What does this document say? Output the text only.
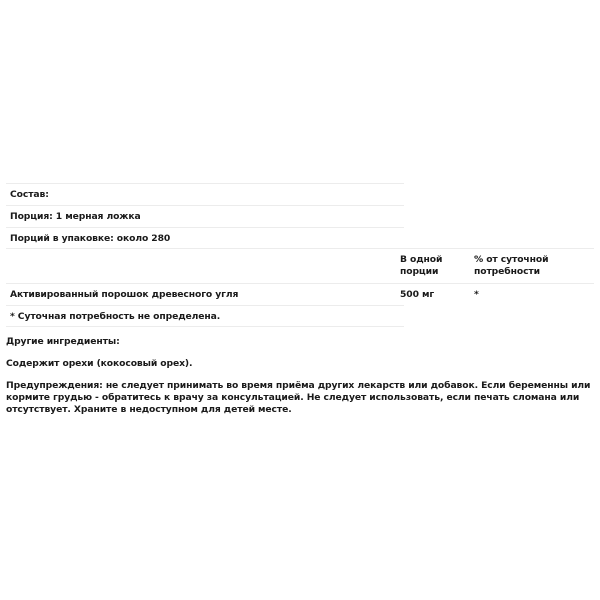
Состав:
Порция: 1 мерная ложка
Порций в упаковке: около 280
В одной
порции
% от суточной
потребности
Активированный порошок древесного угля	500 мг	*
* Суточная потребность не определена.

Другие ингредиенты:

Содержит орехи (кокосовый орех).

Предупреждения: не следует принимать во время приёма других лекарств или добавок. Если беременны или кормите грудью - обратитесь к врачу за консультацией. Не следует использовать, если печать сломана или отсутствует. Храните в недоступном для детей месте.
